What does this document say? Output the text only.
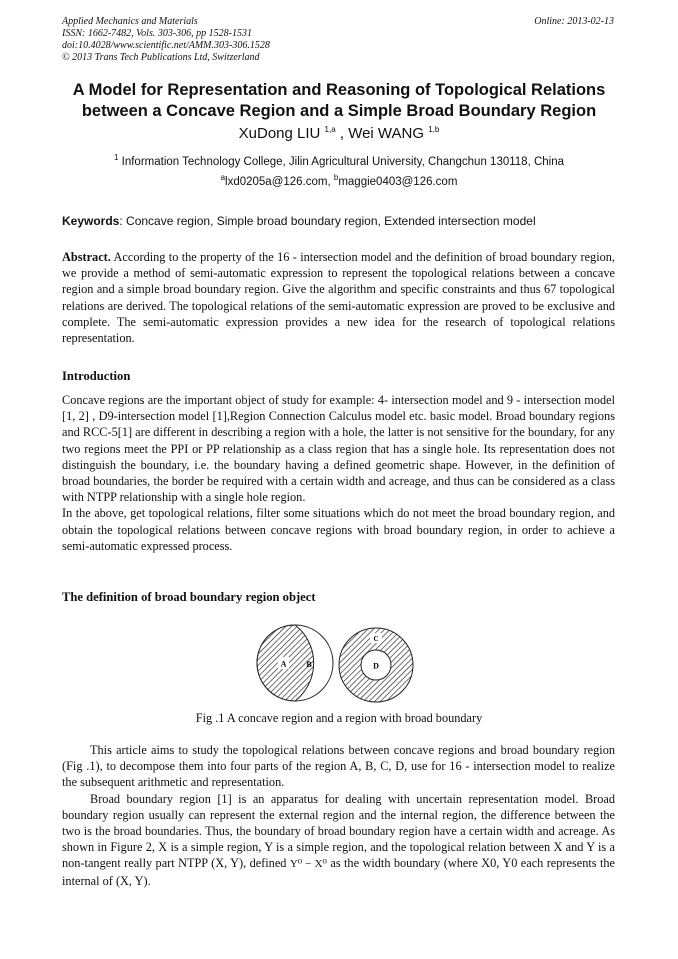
Applied Mechanics and Materials
ISSN: 1662-7482, Vols. 303-306, pp 1528-1531
doi:10.4028/www.scientific.net/AMM.303-306.1528
© 2013 Trans Tech Publications Ltd, Switzerland
Online: 2013-02-13
A Model for Representation and Reasoning of Topological Relations
between a Concave Region and a Simple Broad Boundary Region
XuDong LIU $^{1,a}$ , Wei WANG $^{1,b}$
$^1$ Information Technology College, Jilin Agricultural University, Changchun 130118, China
$^a$lxd0205a@126.com, $^b$maggie0403@126.com
Keywords: Concave region, Simple broad boundary region, Extended intersection model
Abstract. According to the property of the 16 - intersection model and the definition of broad boundary region, we provide a method of semi-automatic expression to represent the topological relations between a concave region and a simple broad boundary region. Give the algorithm and specific constraints and thus 67 topological relations are derived. The topological relations of the semi-automatic expression are proved to be exclusive and complete. The semi-automatic expression provides a new idea for the research of topological relations representation.
Introduction
Concave regions are the important object of study for example: 4- intersection model and 9 - intersection model [1, 2] , D9-intersection model [1],Region Connection Calculus model etc. basic model. Broad boundary regions and RCC-5[1] are different in describing a region with a hole, the latter is not sensitive for the boundary, for any two regions meet the PPI or PP relationship as a class region that has a single hole. Its representation does not distinguish the boundary, i.e. the boundary having a defined geometric shape. However, in the definition of broad boundaries, the border be required with a certain width and acreage, and thus can be considered as a class with NTPP relationship with a single hole region.
In the above, get topological relations, filter some situations which do not meet the broad boundary region, and obtain the topological relations between concave regions with broad boundary region, in order to achieve a semi-automatic expressed process.
The definition of broad boundary region object
A B
C
D
Fig .1 A concave region and a region with broad boundary
This article aims to study the topological relations between concave regions and broad boundary region (Fig .1), to decompose them into four parts of the region A, B, C, D, use for 16 - intersection model to realize the subsequent arithmetic and representation.
Broad boundary region [1] is an apparatus for dealing with uncertain representation model. Broad boundary region usually can represent the external region and the internal region, the difference between the two is the broad boundaries. Thus, the boundary of broad boundary region have a certain width and acreage. As shown in Figure 2, X is a simple region, Y is a simple region, and the topological relation between X and Y is a non-tangent really part NTPP (X, Y), defined Y⁰ − X⁰ as the width boundary (where X0, Y0 each represents the internal of (X, Y).
